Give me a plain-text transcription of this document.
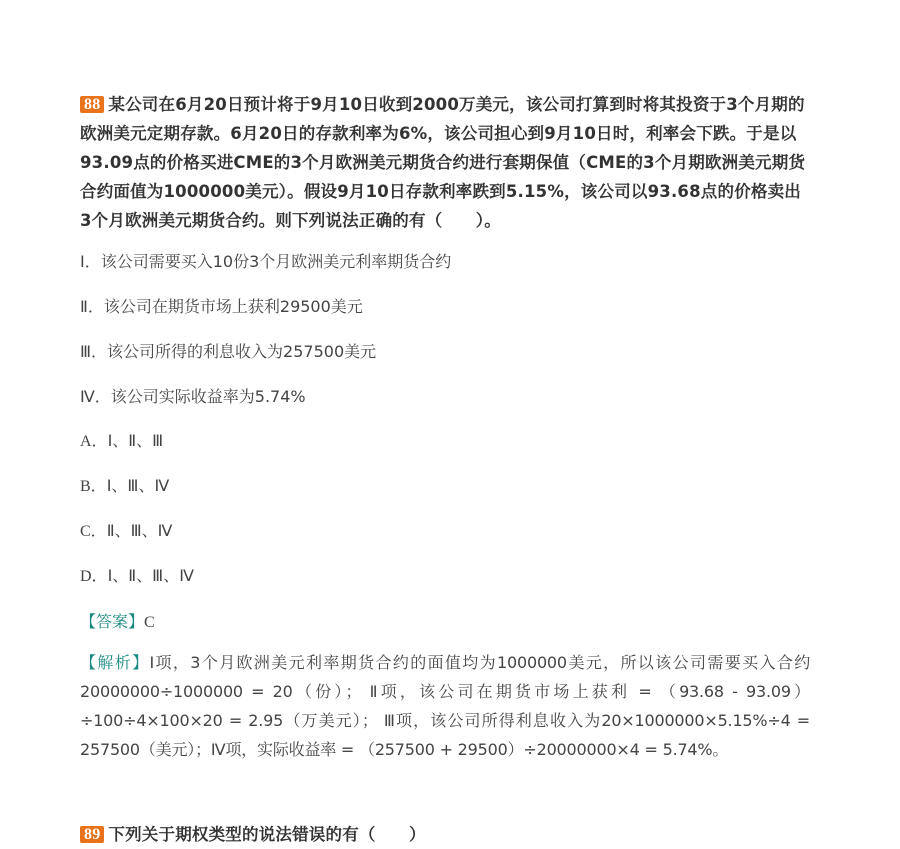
88 某公司在6月20日预计将于9月10日收到2000万美元，该公司打算到时将其投资于3个月期的欧洲美元定期存款。6月20日的存款利率为6%，该公司担心到9月10日时，利率会下跌。于是以93.09点的价格买进CME的3个月欧洲美元期货合约进行套期保值（CME的3个月期欧洲美元期货合约面值为1000000美元）。假设9月10日存款利率跌到5.15%，该公司以93.68点的价格卖出3个月欧洲美元期货合约。则下列说法正确的有（　　）。

Ⅰ．该公司需要买入10份3个月欧洲美元利率期货合约

Ⅱ．该公司在期货市场上获利29500美元

Ⅲ．该公司所得的利息收入为257500美元

Ⅳ．该公司实际收益率为5.74%

A．Ⅰ、Ⅱ、Ⅲ

B．Ⅰ、Ⅲ、Ⅳ

C．Ⅱ、Ⅲ、Ⅳ

D．Ⅰ、Ⅱ、Ⅲ、Ⅳ

【答案】C

【解析】Ⅰ项，3个月欧洲美元利率期货合约的面值均为1000000美元，所以该公司需要买入合约20000000÷1000000 = 20（份）； Ⅱ项，该公司在期货市场上获利 = （93.68 - 93.09）÷100÷4×100×20 = 2.95（万美元）； Ⅲ项，该公司所得利息收入为20×1000000×5.15%÷4 = 257500（美元）；Ⅳ项，实际收益率 = （257500 + 29500）÷20000000×4 = 5.74%。

89 下列关于期权类型的说法错误的有（　　）
